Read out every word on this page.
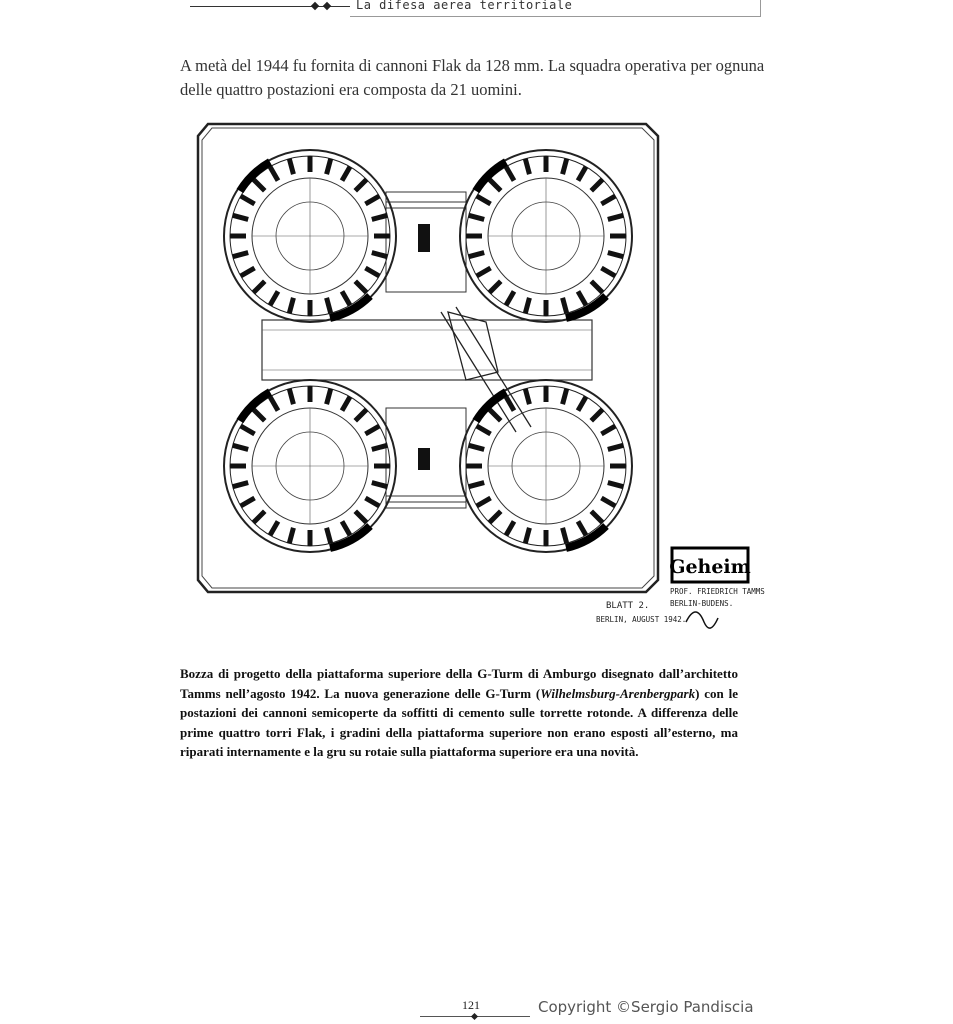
La difesa aerea territoriale
A metà del 1944 fu fornita di cannoni Flak da 128 mm. La squadra operativa per ognuna delle quattro postazioni era composta da 21 uomini.
Geheim
PROF. FRIEDRICH TAMMS
BLATT 2.	BERLIN-BUDENS.
BERLIN, AUGUST 1942.
Bozza di progetto della piattaforma superiore della G-Turm di Amburgo disegnato dall’architetto Tamms nell’agosto 1942. La nuova generazione delle G-Turm (Wilhelmsburg-Arenbergpark) con le postazioni dei cannoni semicoperte da soffitti di cemento sulle torrette rotonde. A differenza delle prime quattro torri Flak, i gradini della piattaforma superiore non erano esposti all’esterno, ma riparati internamente e la gru su rotaie sulla piattaforma superiore era una novità.
121	Copyright ©Sergio Pandiscia
